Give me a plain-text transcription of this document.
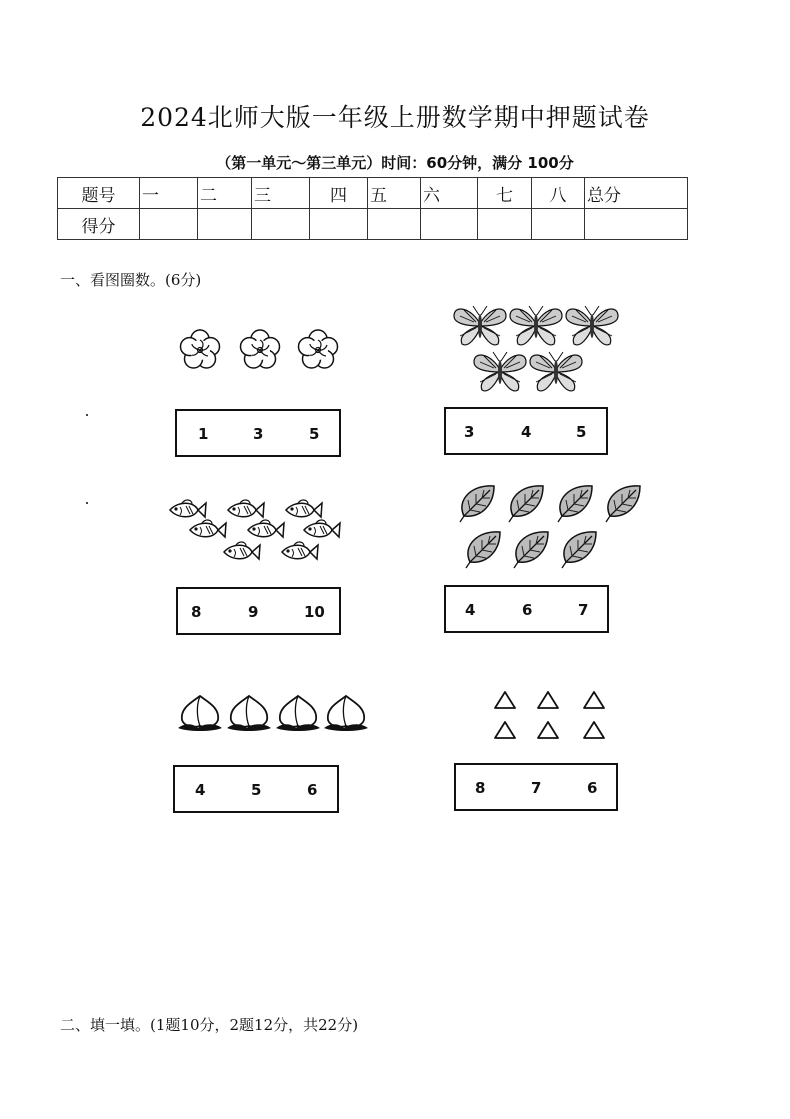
2024北师大版一年级上册数学期中押题试卷
（第一单元～第三单元）时间：60分钟，满分 100分
题号	一	二	三	四	五	六	七	八	总分
得分									
一、看图圈数。(6分)
1	3	5	3	4	5
8	9	10	4	6	7
4	5	6	8	7	6
二、填一填。(1题10分，2题12分，共22分)
